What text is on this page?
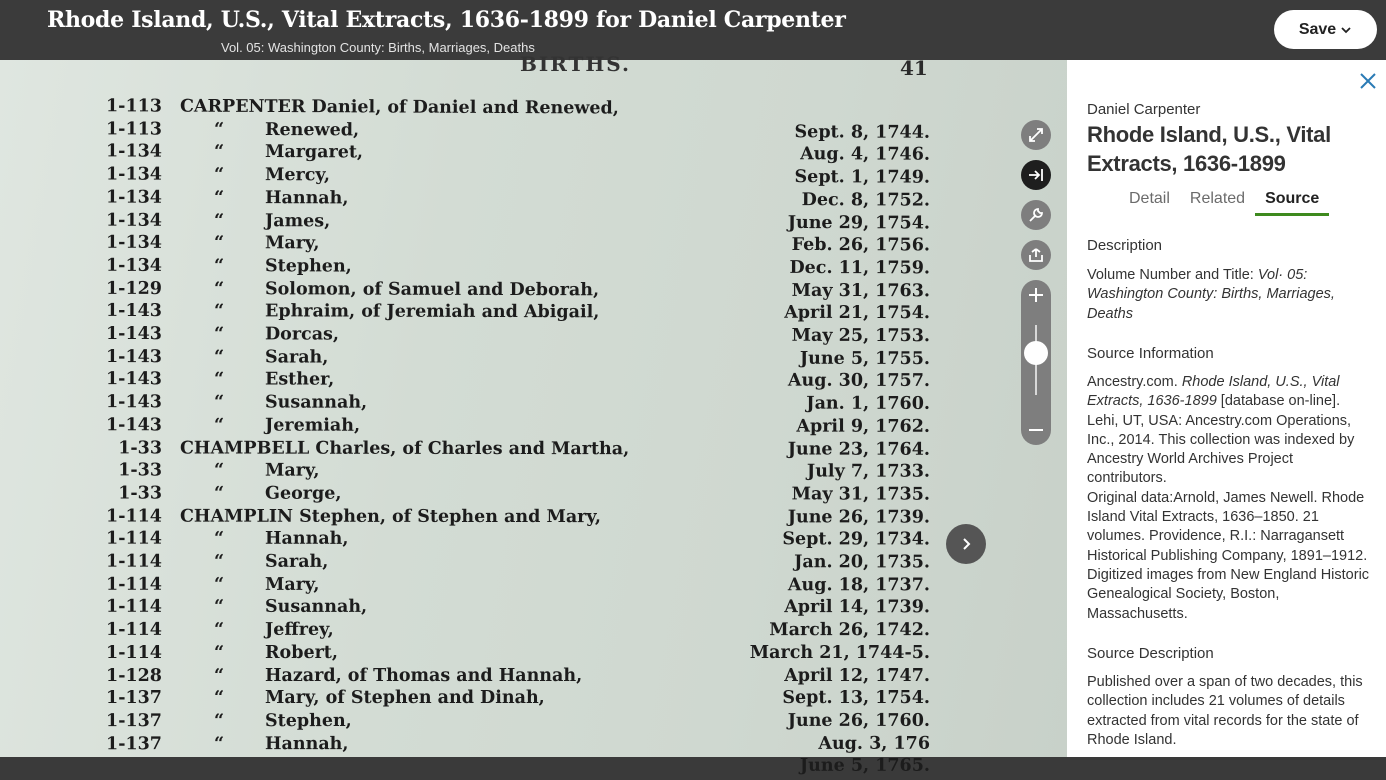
Rhode Island, U.S., Vital Extracts, 1636-1899 for Daniel Carpenter
Vol. 05: Washington County: Births, Marriages, Deaths
Save
BIRTHS.	41
1-113 CARPENTER Daniel, of Daniel and Renewed,
1-113	“ Renewed,	Sept. 8, 1744.
1-134	“ Margaret,	Aug. 4, 1746.
1-134	“ Mercy,	Sept. 1, 1749.
1-134	“ Hannah,	Dec. 8, 1752.
1-134	“ James,	June 29, 1754.
1-134	“ Mary,	Feb. 26, 1756.
1-134	“ Stephen,	Dec. 11, 1759.
1-129	“ Solomon, of Samuel and Deborah,	May 31, 1763.
1-143	“ Ephraim, of Jeremiah and Abigail,	April 21, 1754.
1-143	“ Dorcas,	May 25, 1753.
1-143	“ Sarah,	June 5, 1755.
1-143	“ Esther,	Aug. 30, 1757.
1-143	“ Susannah,	Jan. 1, 1760.
1-143	“ Jeremiah,	April 9, 1762.
1-33 CHAMPBELL Charles, of Charles and Martha,	June 23, 1764.
1-33	“ Mary,	July 7, 1733.
1-33	“ George,	May 31, 1735.
1-114 CHAMPLIN Stephen, of Stephen and Mary,	June 26, 1739.
1-114	“ Hannah,	Sept. 29, 1734.
1-114	“ Sarah,	Jan. 20, 1735.
1-114	“ Mary,	Aug. 18, 1737.
1-114	“ Susannah,	April 14, 1739.
1-114	“ Jeffrey,	March 26, 1742.
1-114	“ Robert,	March 21, 1744-5.
1-128	“ Hazard, of Thomas and Hannah,	April 12, 1747.
1-137	“ Mary, of Stephen and Dinah,	Sept. 13, 1754.
1-137	“ Stephen,	June 26, 1760.
1-137	“ Hannah,	Aug. 3, 176
June 5, 1765.
Daniel Carpenter
Rhode Island, U.S., Vital Extracts, 1636-1899
Detail	Related	Source
Description
Volume Number and Title: Vol· 05: Washington County: Births, Marriages, Deaths
Source Information
Ancestry.com. Rhode Island, U.S., Vital Extracts, 1636-1899 [database on-line]. Lehi, UT, USA: Ancestry.com Operations, Inc., 2014. This collection was indexed by Ancestry World Archives Project contributors.
Original data:Arnold, James Newell. Rhode Island Vital Extracts, 1636–1850. 21 volumes. Providence, R.I.: Narragansett Historical Publishing Company, 1891–1912. Digitized images from New England Historic Genealogical Society, Boston, Massachusetts.
Source Description
Published over a span of two decades, this collection includes 21 volumes of details extracted from vital records for the state of Rhode Island.
